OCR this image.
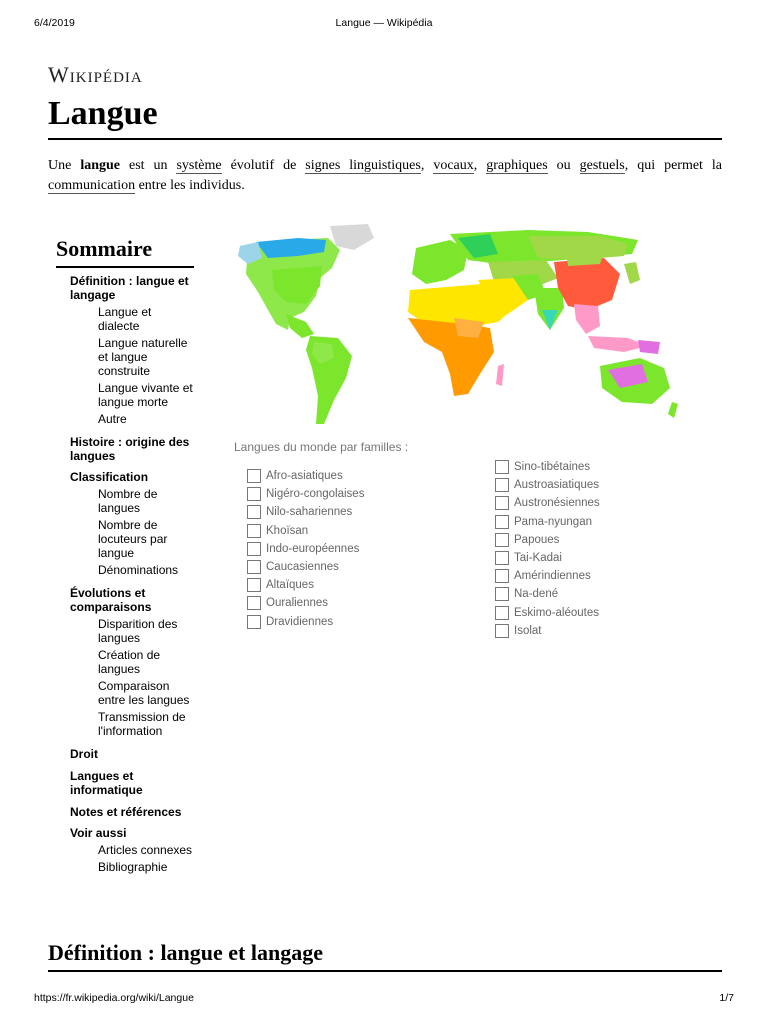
6/4/2019	Langue — Wikipédia
Wikipédia
Langue
Une langue est un système évolutif de signes linguistiques, vocaux, graphiques ou gestuels, qui permet la communication entre les individus.
Sommaire
Définition : langue et langage
Langue et dialecte
Langue naturelle et langue construite
Langue vivante et langue morte
Autre
Histoire : origine des langues
Classification
Nombre de langues
Nombre de locuteurs par langue
Dénominations
Évolutions et comparaisons
Disparition des langues
Création de langues
Comparaison entre les langues
Transmission de l'information
Droit
Langues et informatique
Notes et références
Voir aussi
Articles connexes
Bibliographie
Langues du monde par familles :
Afro-asiatiques
Nigéro-congolaises
Nilo-sahariennes
Khoïsan
Indo-européennes
Caucasiennes
Altaïques
Ouraliennes
Dravidiennes
Sino-tibétaines
Austroasiatiques
Austronésiennes
Pama-nyungan
Papoues
Tai-Kadai
Amérindiennes
Na-dené
Eskimo-aléoutes
Isolat
Définition : langue et langage
https://fr.wikipedia.org/wiki/Langue	1/7
